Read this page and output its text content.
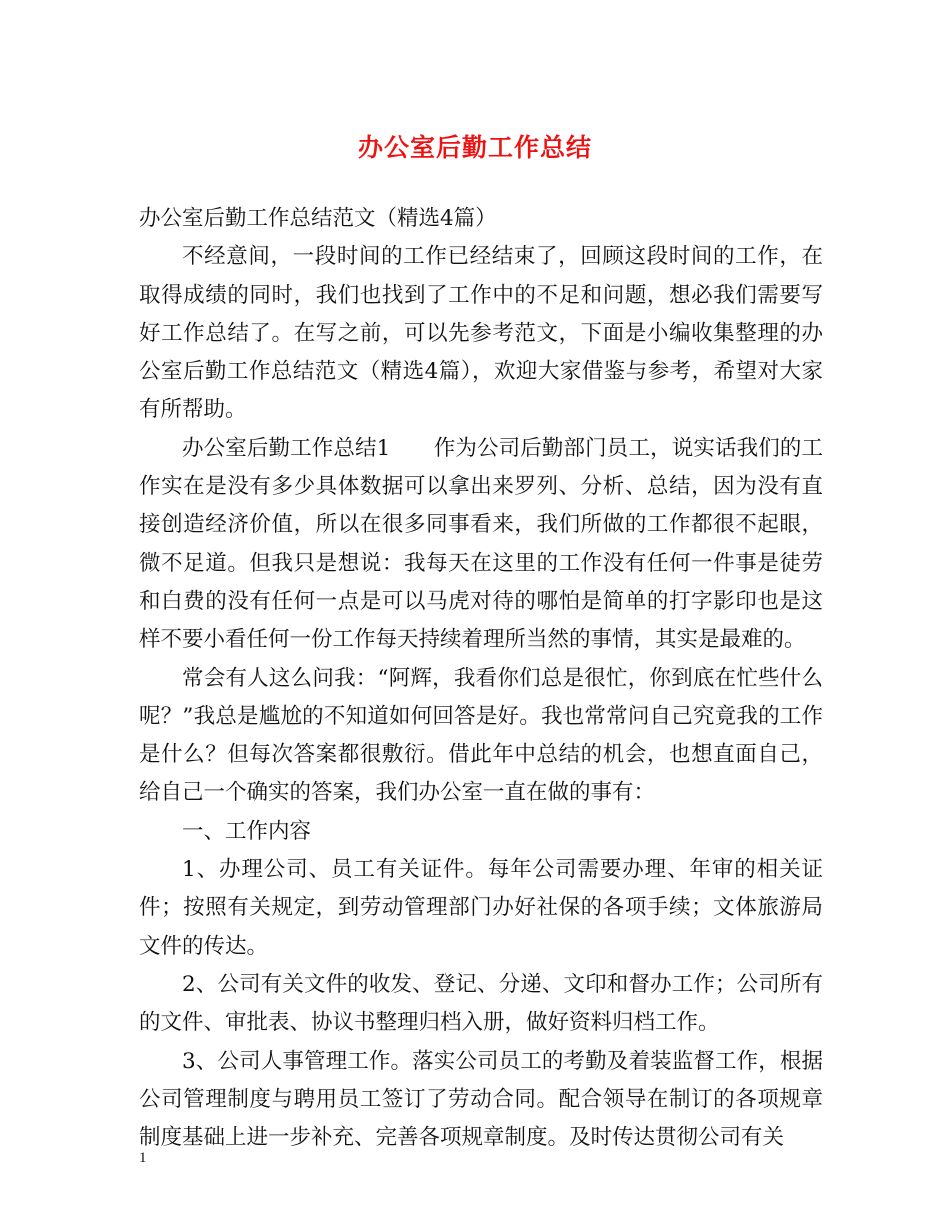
办公室后勤工作总结

办公室后勤工作总结范文（精选4篇）

不经意间，一段时间的工作已经结束了，回顾这段时间的工作，在取得成绩的同时，我们也找到了工作中的不足和问题，想必我们需要写好工作总结了。在写之前，可以先参考范文，下面是小编收集整理的办公室后勤工作总结范文（精选4篇），欢迎大家借鉴与参考，希望对大家有所帮助。

办公室后勤工作总结1　　作为公司后勤部门员工，说实话我们的工作实在是没有多少具体数据可以拿出来罗列、分析、总结，因为没有直接创造经济价值，所以在很多同事看来，我们所做的工作都很不起眼，微不足道。但我只是想说：我每天在这里的工作没有任何一件事是徒劳和白费的没有任何一点是可以马虎对待的哪怕是简单的打字影印也是这样不要小看任何一份工作每天持续着理所当然的事情，其实是最难的。

常会有人这么问我：“阿辉，我看你们总是很忙，你到底在忙些什么呢？”我总是尴尬的不知道如何回答是好。我也常常问自己究竟我的工作是什么？但每次答案都很敷衍。借此年中总结的机会，也想直面自己，给自己一个确实的答案，我们办公室一直在做的事有：

一、工作内容

1、办理公司、员工有关证件。每年公司需要办理、年审的相关证件；按照有关规定，到劳动管理部门办好社保的各项手续；文体旅游局文件的传达。

2、公司有关文件的收发、登记、分递、文印和督办工作；公司所有的文件、审批表、协议书整理归档入册，做好资料归档工作。

3、公司人事管理工作。落实公司员工的考勤及着装监督工作，根据公司管理制度与聘用员工签订了劳动合同。配合领导在制订的各项规章制度基础上进一步补充、完善各项规章制度。及时传达贯彻公司有关

1
